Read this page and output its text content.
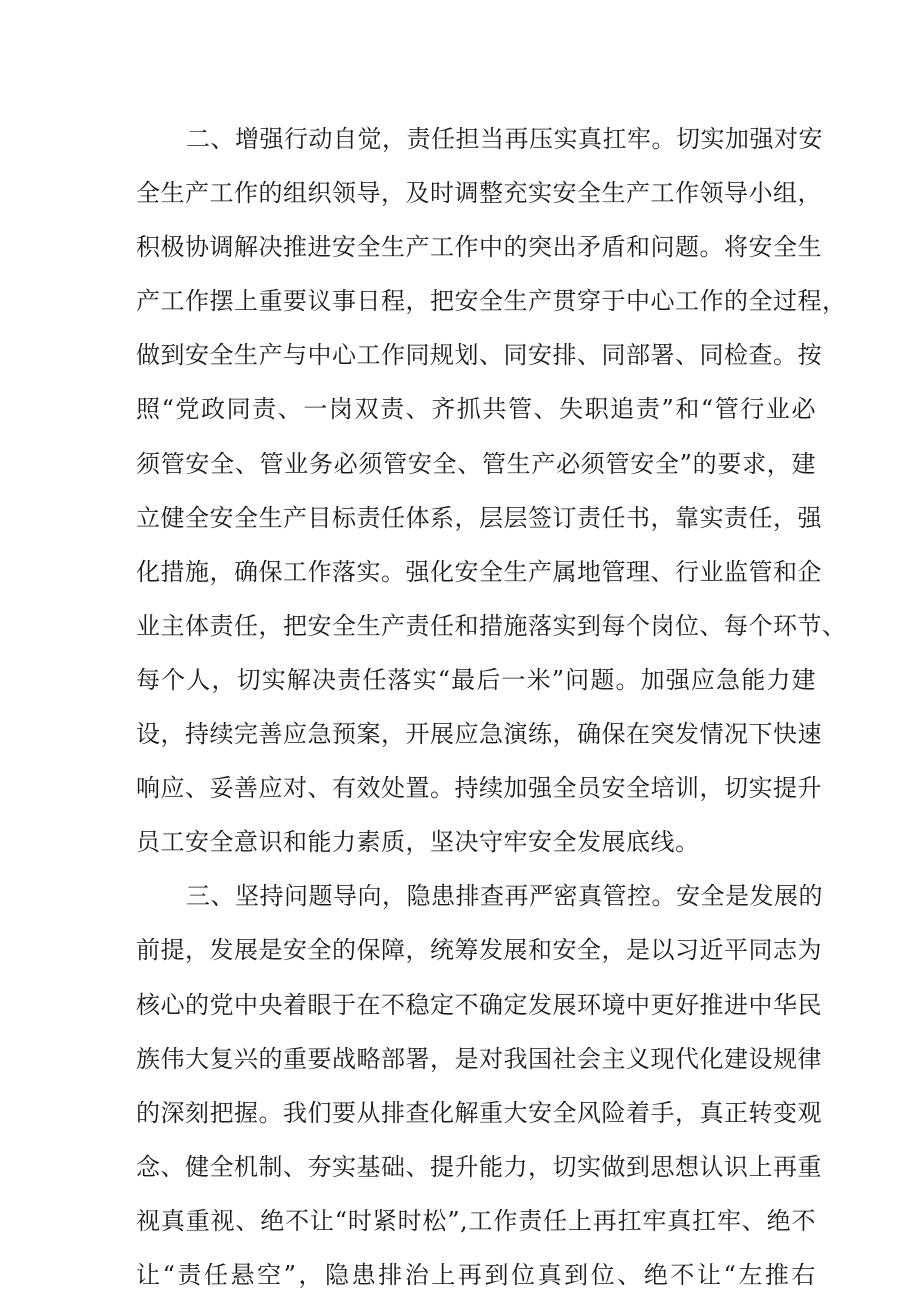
二、增强行动自觉，责任担当再压实真扛牢。切实加强对安
全生产工作的组织领导，及时调整充实安全生产工作领导小组，
积极协调解决推进安全生产工作中的突出矛盾和问题。将安全生
产工作摆上重要议事日程，把安全生产贯穿于中心工作的全过程，
做到安全生产与中心工作同规划、同安排、同部署、同检查。按
照“党政同责、一岗双责、齐抓共管、失职追责”和“管行业必
须管安全、管业务必须管安全、管生产必须管安全”的要求，建
立健全安全生产目标责任体系，层层签订责任书，靠实责任，强
化措施，确保工作落实。强化安全生产属地管理、行业监管和企
业主体责任，把安全生产责任和措施落实到每个岗位、每个环节、
每个人，切实解决责任落实“最后一米”问题。加强应急能力建
设，持续完善应急预案，开展应急演练，确保在突发情况下快速
响应、妥善应对、有效处置。持续加强全员安全培训，切实提升
员工安全意识和能力素质，坚决守牢安全发展底线。
三、坚持问题导向，隐患排查再严密真管控。安全是发展的
前提，发展是安全的保障，统筹发展和安全，是以习近平同志为
核心的党中央着眼于在不稳定不确定发展环境中更好推进中华民
族伟大复兴的重要战略部署，是对我国社会主义现代化建设规律
的深刻把握。我们要从排查化解重大安全风险着手，真正转变观
念、健全机制、夯实基础、提升能力，切实做到思想认识上再重
视真重视、绝不让“时紧时松”,工作责任上再扛牢真扛牢、绝不
让“责任悬空”，隐患排治上再到位真到位、绝不让“左推右
